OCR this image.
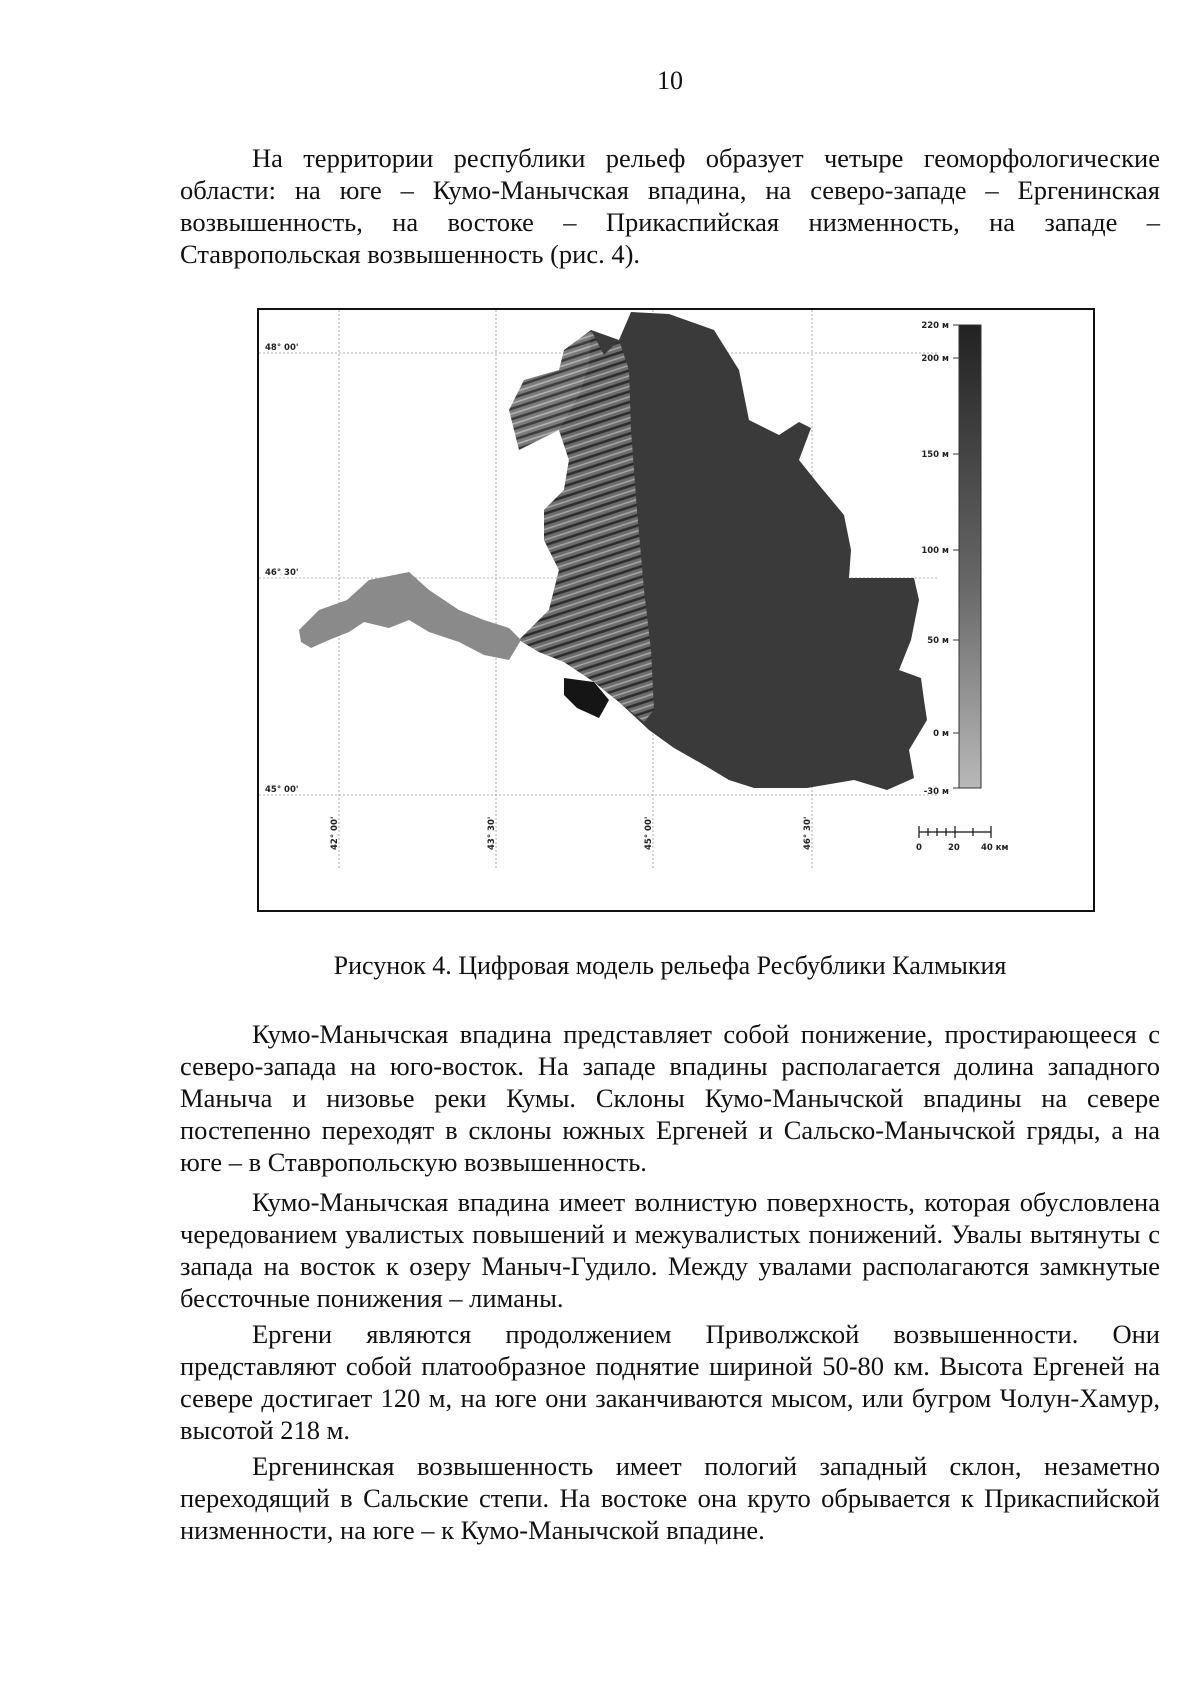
10

На территории республики рельеф образует четыре геоморфологические области: на юге – Кумо-Манычская впадина, на северо-западе – Ергенинская возвышенность, на востоке – Прикаспийская низменность, на западе – Ставропольская возвышенность (рис. 4).

48° 00'
46° 30'
45° 00'
42° 00'	43° 30'	45° 00'	46° 30'
220 м
200 м
150 м
100 м
50 м
0 м
-30 м
0	20 40 км
Рисунок 4. Цифровая модель рельефа Ресбублики Калмыкия

Кумо-Манычская впадина представляет собой понижение, простирающееся с северо-запада на юго-восток. На западе впадины располагается долина западного Маныча и низовье реки Кумы. Склоны Кумо-Манычской впадины на севере постепенно переходят в склоны южных Ергеней и Сальско-Манычской гряды, а на юге – в Ставропольскую возвышенность.

Кумо-Манычская впадина имеет волнистую поверхность, которая обусловлена чередованием увалистых повышений и межувалистых понижений. Увалы вытянуты с запада на восток к озеру Маныч-Гудило. Между увалами располагаются замкнутые бессточные понижения – лиманы.

Ергени являются продолжением Приволжской возвышенности. Они представляют собой платообразное поднятие шириной 50-80 км. Высота Ергеней на севере достигает 120 м, на юге они заканчиваются мысом, или бугром Чолун-Хамур, высотой 218 м.

Ергенинская возвышенность имеет пологий западный склон, незаметно переходящий в Сальские степи. На востоке она круто обрывается к Прикаспийской низменности, на юге – к Кумо-Манычской впадине.
